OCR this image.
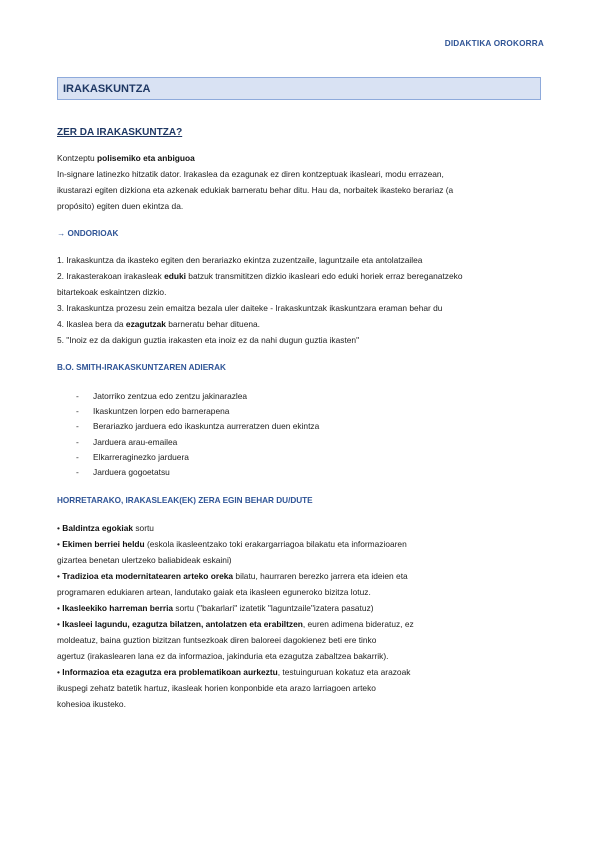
DIDAKTIKA OROKORRA
IRAKASKUNTZA
ZER DA IRAKASKUNTZA?

Kontzeptu polisemiko eta anbiguoa

In-signare latinezko hitzatik dator. Irakaslea da ezagunak ez diren kontzeptuak ikasleari, modu errazean,

ikustarazi egiten dizkiona eta azkenak edukiak barneratu behar ditu. Hau da, norbaitek ikasteko berariaz (a

propósito) egiten duen ekintza da.

→ ONDORIOAK

1. Irakaskuntza da ikasteko egiten den berariazko ekintza zuzentzaile, laguntzaile eta antolatzailea

2. Irakasterakoan irakasleak eduki batzuk transmititzen dizkio ikasleari edo eduki horiek erraz bereganatzeko

bitartekoak eskaintzen dizkio.

3. Irakaskuntza prozesu zein emaitza bezala uler daiteke - Irakaskuntzak ikaskuntzara eraman behar du

4. Ikaslea bera da ezagutzak barneratu behar dituena.

5. "Inoiz ez da dakigun guztia irakasten eta inoiz ez da nahi dugun guztia ikasten"

B.O. SMITH-IRAKASKUNTZAREN ADIERAK
-	Jatorriko zentzua edo zentzu jakinarazlea
-	Ikaskuntzen lorpen edo barnerapena
-	Berariazko jarduera edo ikaskuntza aurreratzen duen ekintza
-	Jarduera arau-emailea
-	Elkarreraginezko jarduera
-	Jarduera gogoetatsu
HORRETARAKO, IRAKASLEAK(EK) ZERA EGIN BEHAR DU/DUTE

• Baldintza egokiak sortu

• Ekimen berriei heldu (eskola ikasleentzako toki erakargarriagoa bilakatu eta informazioaren

gizartea benetan ulertzeko baliabideak eskaini)

• Tradizioa eta modernitatearen arteko oreka bilatu, haurraren berezko jarrera eta ideien eta

programaren edukiaren artean, landutako gaiak eta ikasleen eguneroko bizitza lotuz.

• Ikasleekiko harreman berria sortu ("bakarlari" izatetik "laguntzaile"izatera pasatuz)

• Ikasleei lagundu, ezagutza bilatzen, antolatzen eta erabiltzen, euren adimena bideratuz, ez

moldeatuz, baina guztion bizitzan funtsezkoak diren baloreei dagokienez beti ere tinko

agertuz (irakaslearen lana ez da informazioa, jakinduria eta ezagutza zabaltzea bakarrik).

• Informazioa eta ezagutza era problematikoan aurkeztu, testuinguruan kokatuz eta arazoak

ikuspegi zehatz batetik hartuz, ikasleak horien konponbide eta arazo larriagoen arteko

kohesioa ikusteko.
